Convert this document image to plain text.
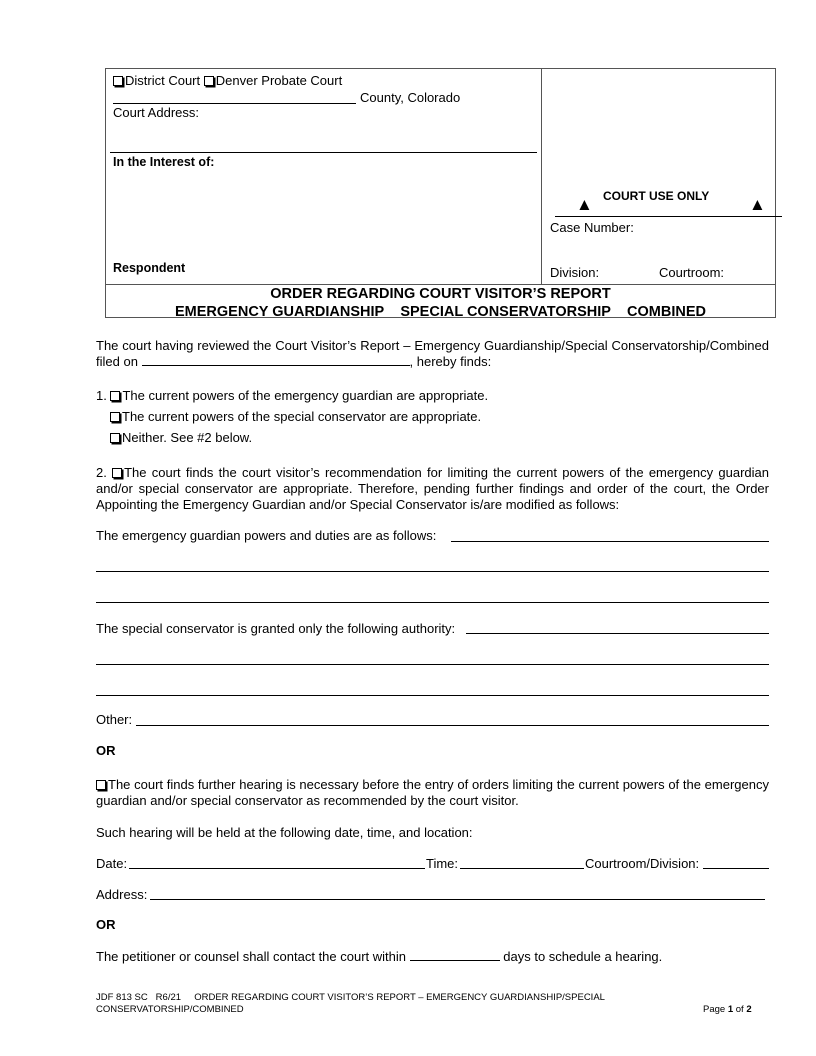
District Court Denver Probate Court
County, Colorado
Court Address:
In the Interest of:
Respondent
▲ COURT USE ONLY ▲
Case Number:
Division:	Courtroom:
ORDER REGARDING COURT VISITOR’S REPORT
EMERGENCY GUARDIANSHIP SPECIAL CONSERVATORSHIP COMBINED
The court having reviewed the Court Visitor’s Report – Emergency Guardianship/Special Conservatorship/Combined filed on	, hereby finds:
1. The current powers of the emergency guardian are appropriate.
The current powers of the special conservator are appropriate.
Neither. See #2 below.
2. The court finds the court visitor’s recommendation for limiting the current powers of the emergency guardian and/or special conservator are appropriate. Therefore, pending further findings and order of the court, the Order Appointing the Emergency Guardian and/or Special Conservator is/are modified as follows:
The emergency guardian powers and duties are as follows:
The special conservator is granted only the following authority:
Other:
OR
The court finds further hearing is necessary before the entry of orders limiting the current powers of the emergency guardian and/or special conservator as recommended by the court visitor.
Such hearing will be held at the following date, time, and location:
Date:	Time:	Courtroom/Division:
Address:
OR
The petitioner or counsel shall contact the court within	days to schedule a hearing.
JDF 813 SC R6/21 ORDER REGARDING COURT VISITOR’S REPORT – EMERGENCY GUARDIANSHIP/SPECIAL
CONSERVATORSHIP/COMBINED	Page 1 of 2
